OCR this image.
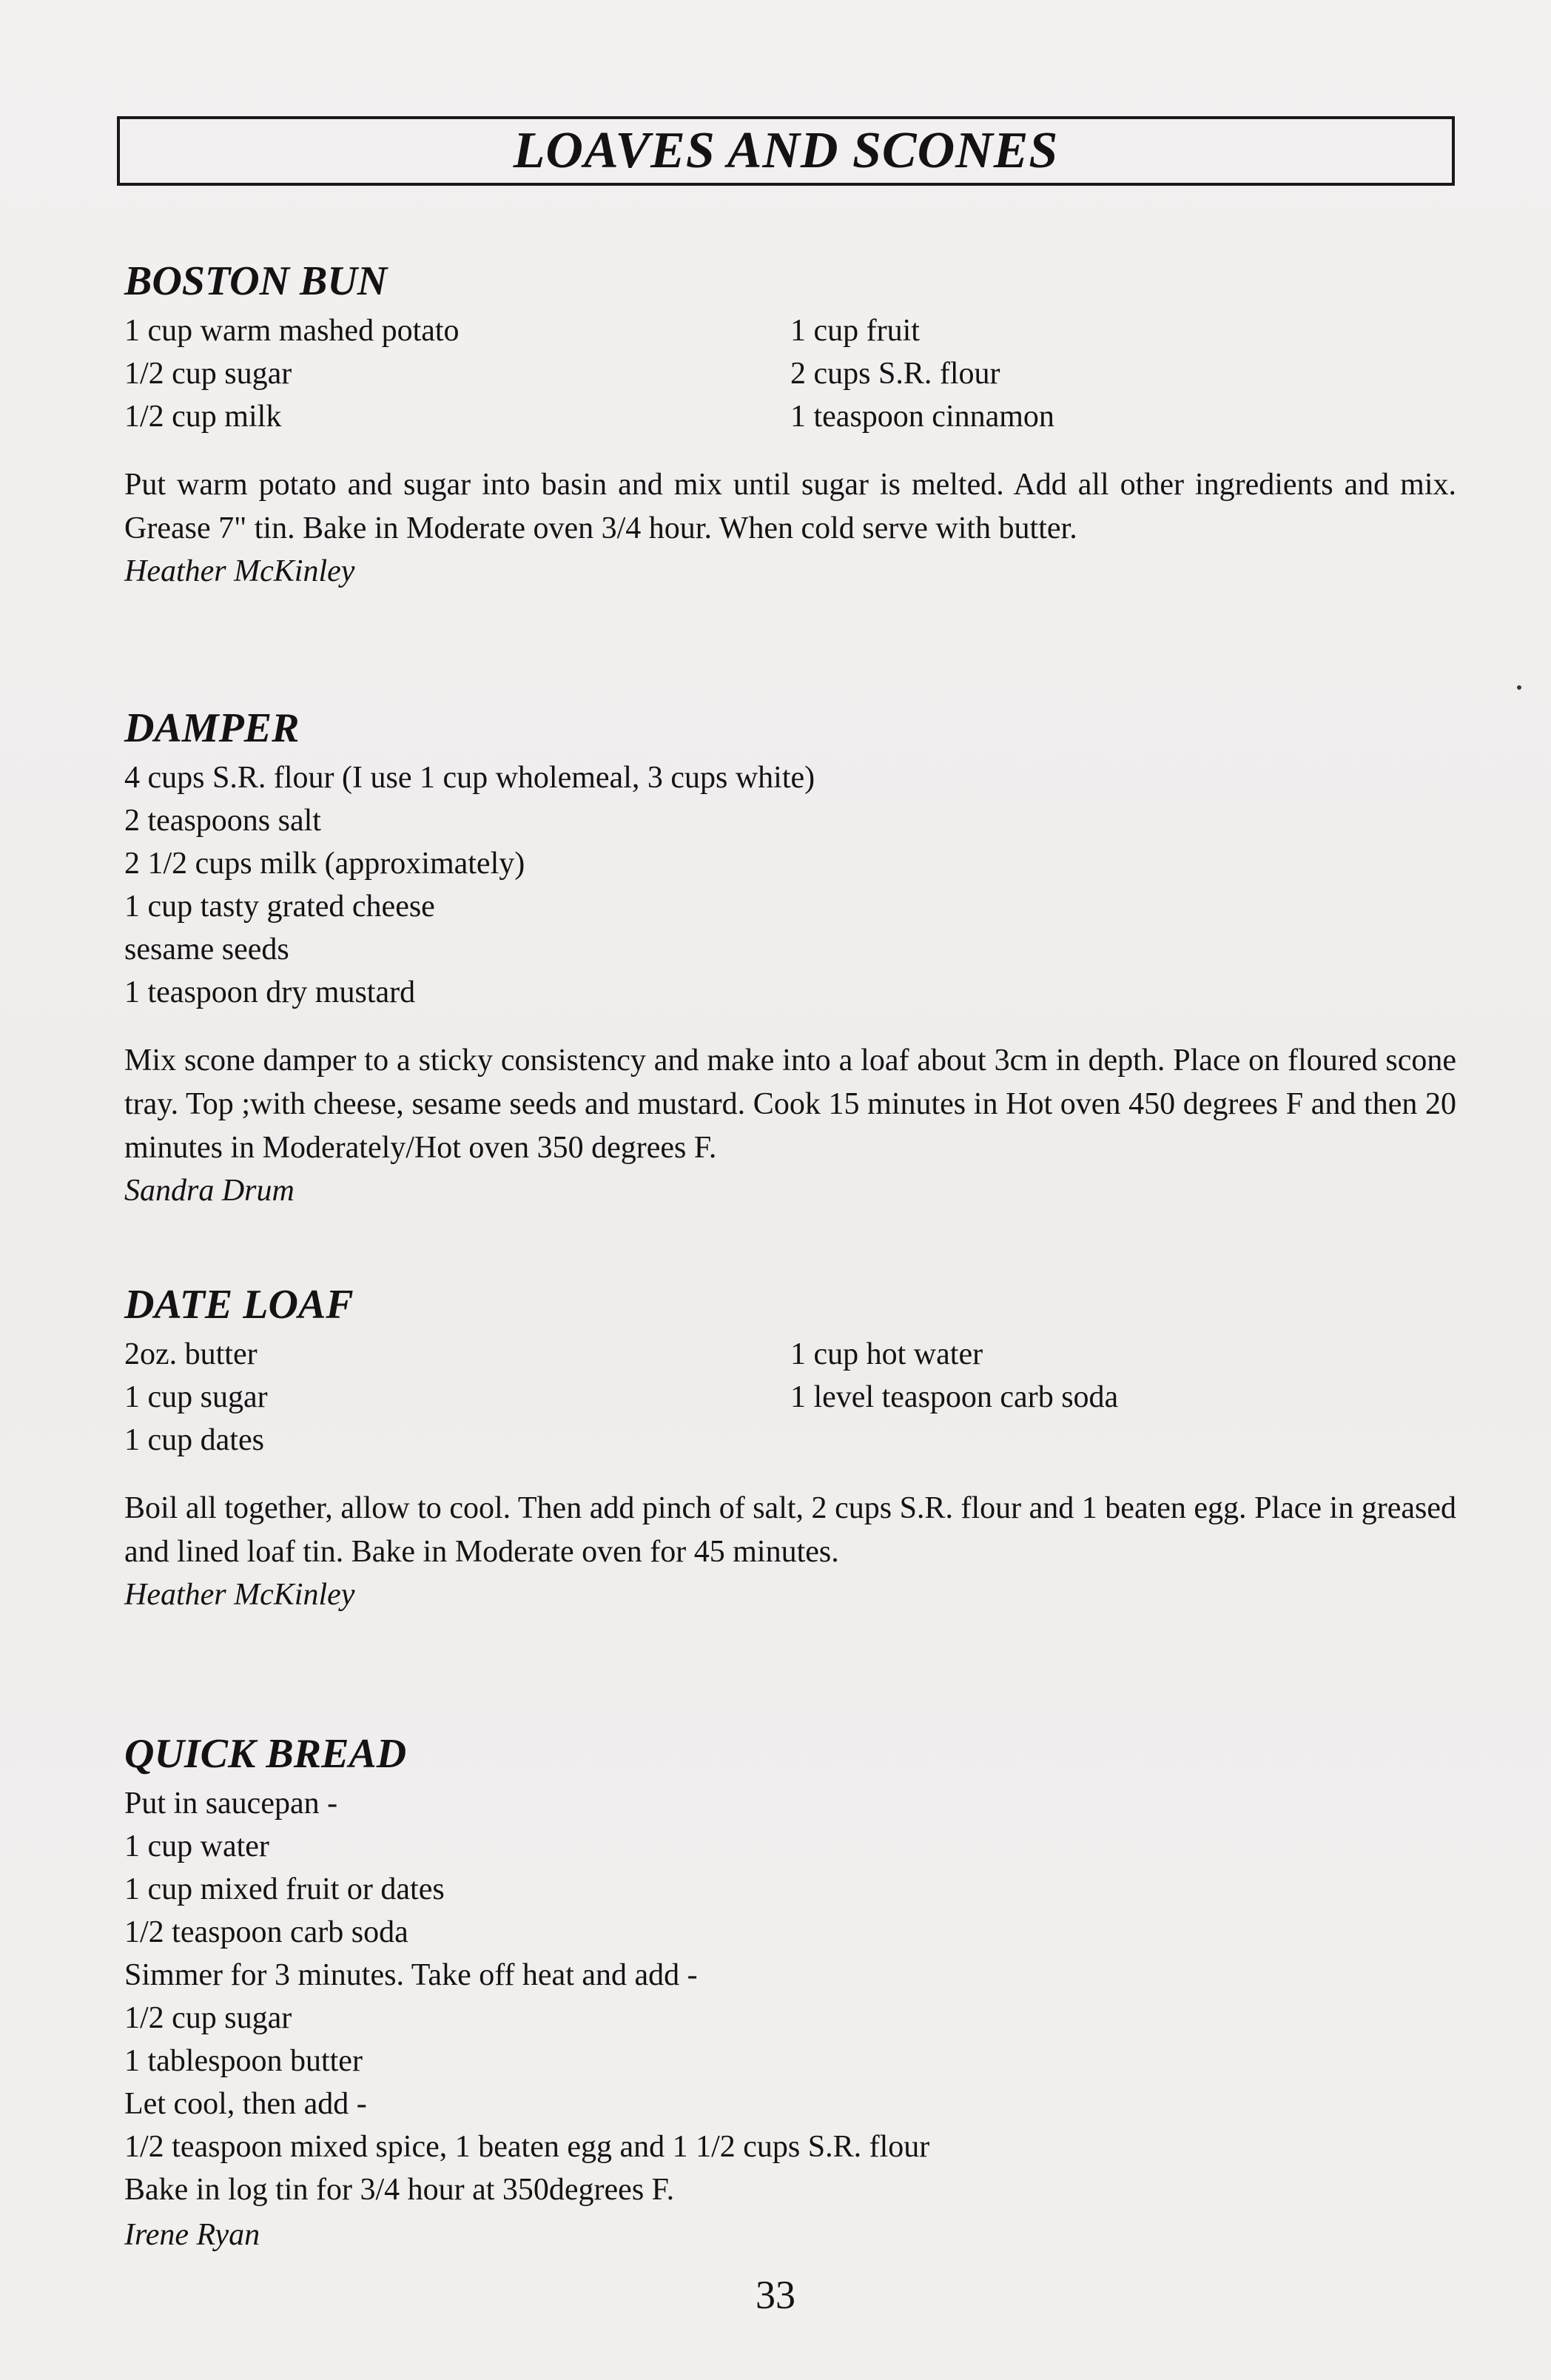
LOAVES AND SCONES
BOSTON BUN
1 cup warm mashed potato
1/2 cup sugar
1/2 cup milk
1 cup fruit
2 cups S.R. flour
1 teaspoon cinnamon
Put warm potato and sugar into basin and mix until sugar is melted. Add all other ingredients and mix. Grease 7" tin. Bake in Moderate oven 3/4 hour. When cold serve with butter.
Heather McKinley
DAMPER
4 cups S.R. flour (I use 1 cup wholemeal, 3 cups white)
2 teaspoons salt
2 1/2 cups milk (approximately)
1 cup tasty grated cheese
sesame seeds
1 teaspoon dry mustard
Mix scone damper to a sticky consistency and make into a loaf about 3cm in depth. Place on floured scone tray. Top ;with cheese, sesame seeds and mustard. Cook 15 minutes in Hot oven 450 degrees F and then 20 minutes in Moderately/Hot oven 350 degrees F.
Sandra Drum
DATE LOAF
2oz. butter
1 cup sugar
1 cup dates
1 cup hot water
1 level teaspoon carb soda
Boil all together, allow to cool. Then add pinch of salt, 2 cups S.R. flour and 1 beaten egg. Place in greased and lined loaf tin. Bake in Moderate oven for 45 minutes.
Heather McKinley
QUICK BREAD
Put in saucepan -
1 cup water
1 cup mixed fruit or dates
1/2 teaspoon carb soda
Simmer for 3 minutes. Take off heat and add -
1/2 cup sugar
1 tablespoon butter
Let cool, then add -
1/2 teaspoon mixed spice, 1 beaten egg and 1 1/2 cups S.R. flour
Bake in log tin for 3/4 hour at 350degrees F.
Irene Ryan
33
